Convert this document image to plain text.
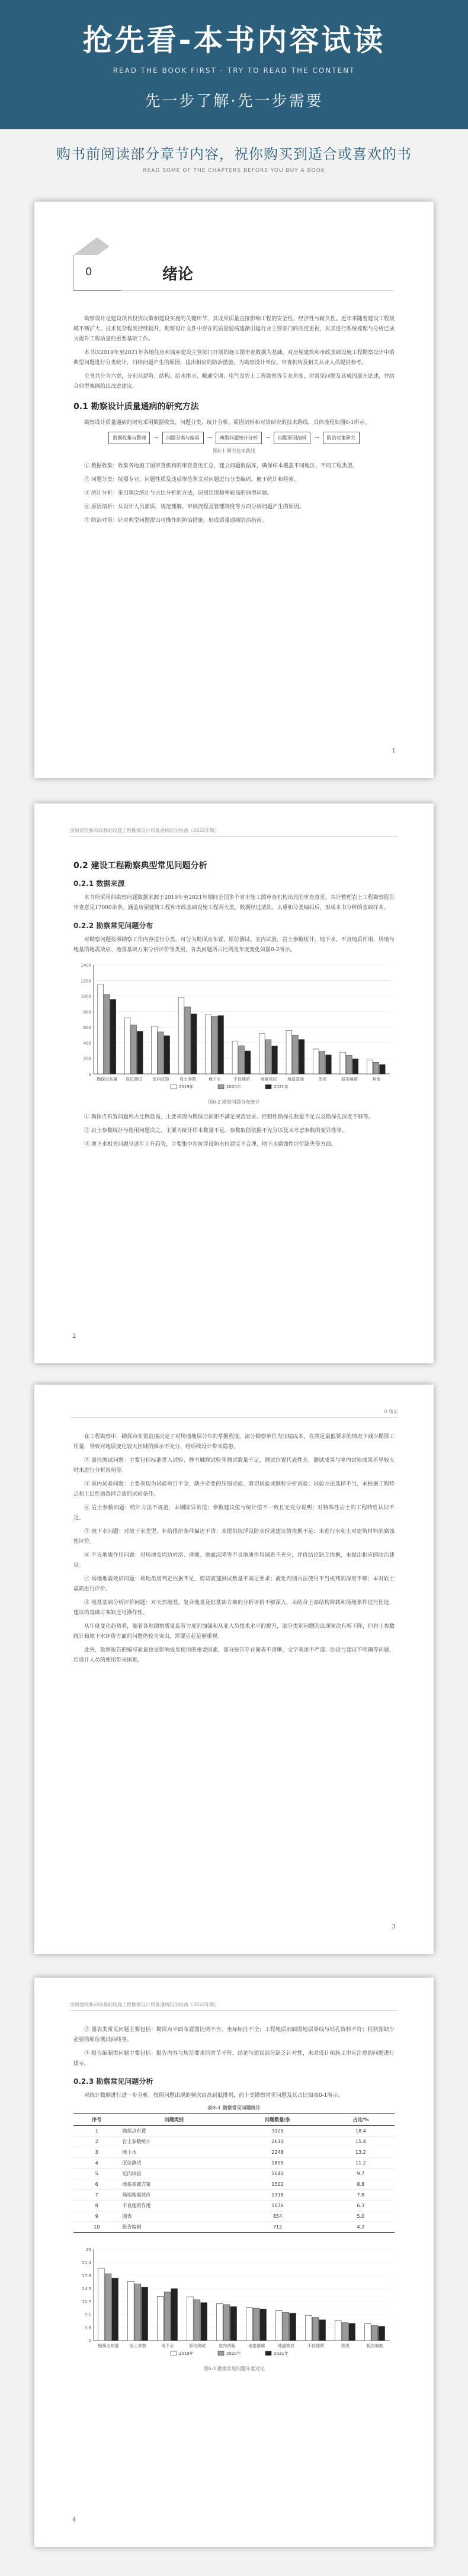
抢先看-本书内容试读
READ THE BOOK FIRST - TRY TO READ THE CONTENT
先一步了解·先一步需要
购书前阅读部分章节内容，祝你购买到适合或喜欢的书
READ SOME OF THE CHAPTERS BEFORE YOU BUY A BOOK
0	绪论

勘察设计是建设项目投资决策和建设实施的关键环节，其成果质量直接影响工程的安全性、经济性与耐久性。近年来随着建设工程规模不断扩大、技术复杂程度持续提升，勘察设计文件中存在的质量通病逐渐引起行业主管部门的高度重视，对其进行系统梳理与分析已成为提升工程质量的重要基础工作。

本书以2019年至2021年各地住房和城乡建设主管部门开展的施工图审查数据为基础，对房屋建筑和市政基础设施工程勘察设计中的典型问题进行分类统计，归纳问题产生的原因，提出相应的防治措施，为勘察设计单位、审查机构及相关从业人员提供参考。

全书共分为六章，分别从建筑、结构、给水排水、暖通空调、电气及岩土工程勘察等专业角度，对常见问题及其成因展开论述，并结合典型案例给出改进建议。

0.1 勘察设计质量通病的研究方法

勘察设计质量通病的研究采用数据收集、问题分类、统计分析、原因剖析和对策研究的技术路线，具体流程如图0-1所示。

数据收集与整理	→	问题分类与编码	→	典型问题统计分析	→	问题原因剖析	→	防治对策研究
图0-1 研究技术路线

① 数据收集：收集各地施工图审查机构的审查意见汇总，建立问题数据库，确保样本覆盖不同地区、不同工程类型。

② 问题分类：按照专业、问题性质及违反规范条文对问题进行分类编码，便于统计和检索。

③ 统计分析：采用频次统计与占比分析的方法，识别出现频率较高的典型问题。

④ 原因剖析：从设计人员素质、规范理解、审核流程及管理制度等方面分析问题产生的原因。

⑤ 防治对策：针对典型问题提出可操作的防治措施，形成质量通病防治指南。

1
房屋建筑和市政基础设施工程勘察设计质量通病防治指南（2022年版）
0.2 建设工程勘察典型常见问题分析
0.2.1 数据来源

本书所采用的勘察问题数据来源于2019年至2021年期间全国多个省市施工图审查机构出具的审查意见，共计整理岩土工程勘察报告审查意见17000余条，涵盖房屋建筑工程和市政基础设施工程两大类。数据经过清洗、去重和分类编码后，形成本书分析的基础样本。

0.2.2 勘察常见问题分布

对勘察问题按照勘察工作内容进行分类，可分为勘探点布置、原位测试、室内试验、岩土参数统计、地下水、不良地质作用、场地与地基的地震效应、地基基础方案分析评价等类别，各类问题所占比例及年度变化如图0-2所示。

0
200
400
600
800
1000
1200
1400
勘探点布置 原位测试 室内试验 岩土参数	地下水	不良地质 地震效应 地基基础	图表	报告编制	其他
2019年	2020年	2021年
图0-2 勘察问题分布统计

① 勘探点布置问题所占比例最高，主要表现为勘探点间距不满足规范要求、控制性勘探孔数量不足以及勘探孔深度不够等。

② 岩土参数统计与选用问题次之，主要为统计样本数量不足、参数取值依据不充分以及未考虑参数的变异性等。

③ 地下水相关问题呈逐年上升趋势，主要集中在抗浮设防水位建议不合理、地下水腐蚀性评价缺失等方面。

2
0 绪论

在工程勘察中，勘探点布置直接决定了对场地地层分布的掌握程度。部分勘察单位为压缩成本，在满足最低要求的情况下减少勘探工作量，导致对地层变化较大区域的揭示不充分，给后续设计带来隐患。

② 原位测试问题：主要包括标准贯入试验、静力触探试验等测试数量不足，测试位置代表性差，测试成果与室内试验成果差异较大时未进行分析说明等。

③ 室内试验问题：主要表现为试验项目不全，缺少必要的压缩试验、剪切试验或颗粒分析试验；试验方法选择不当，未根据工程特点和土层性质选择合适的试验条件。

④ 岩土参数问题：统计方法不规范，未剔除异常值；参数建议值与统计值不一致且无充分说明；对特殊性岩土的工程特性认识不足。

⑤ 地下水问题：对地下水类型、补给排泄条件描述不清；未提供抗浮设防水位或建议值依据不足；未进行水和土对建筑材料的腐蚀性评价。

⑥ 不良地质作用问题：对场地及周边岩溶、滑坡、地面沉降等不良地质作用调查不充分，评价结论缺乏依据，未提出相应的防治建议。

⑦ 场地地震效应问题：场地类别判定依据不足，剪切波速测试数量不满足要求；液化判别方法使用不当或判别深度不够；未对软土震陷进行评价。

⑧ 地基基础分析评价问题：对天然地基、复合地基及桩基础方案的分析评价不够深入，未结合上部结构荷载和场地条件进行比选，建议的基础方案缺乏可操作性。

从年度变化趋势看，随着各地勘察质量监管力度的加强和从业人员技术水平的提升，部分类别问题的出现频次有所下降，但岩土参数统计和地下水评价方面的问题仍较为突出，需要引起足够重视。

此外，勘察报告的编写质量也是影响成果使用的重要因素，部分报告存在图表不清晰、文字表述不严谨、结论与建议不明确等问题，给设计人员的使用带来困难。

3
房屋建筑和市政基础设施工程勘察设计质量通病防治指南（2022年版）

② 图表类常见问题主要包括：勘探点平面布置图比例不当、坐标标注不全；工程地质剖面图地层界线与钻孔资料不符；柱状图缺少必要的原位测试曲线等。

③ 报告编制类问题主要包括：报告内容与规范要求的章节不符，结论与建议部分缺乏针对性，未对设计和施工中应注意的问题进行提示。

0.2.3 勘察常见问题分析

对统计数据进行进一步分析，按照问题出现的频次由高到低排列，前十类勘察常见问题及其占比如表0-1所示。

表0-1 勘察常见问题统计
序号	问题类别	问题数量/条	占比/%
1	勘探点布置	3125	18.4
2	岩土参数统计	2610	15.4
3	地下水	2248	13.2
4	原位测试	1895	11.2
5	室内试验	1640	9.7
6	地基基础方案	1502	8.8
7	场地地震效应	1318	7.8
8	不良地质作用	1076	6.3
9	图表	854	5.0
10	报告编制	712	4.2
0
3.6
7.1
10.7
14.3
17.9
21.4
25
勘探点布置	岩土参数	地下水	原位测试	室内试验	地基基础	地震效应	不良地质	图表	报告编制
2019年	2020年	2021年
图0-3 勘察常见问题年度对比
4
